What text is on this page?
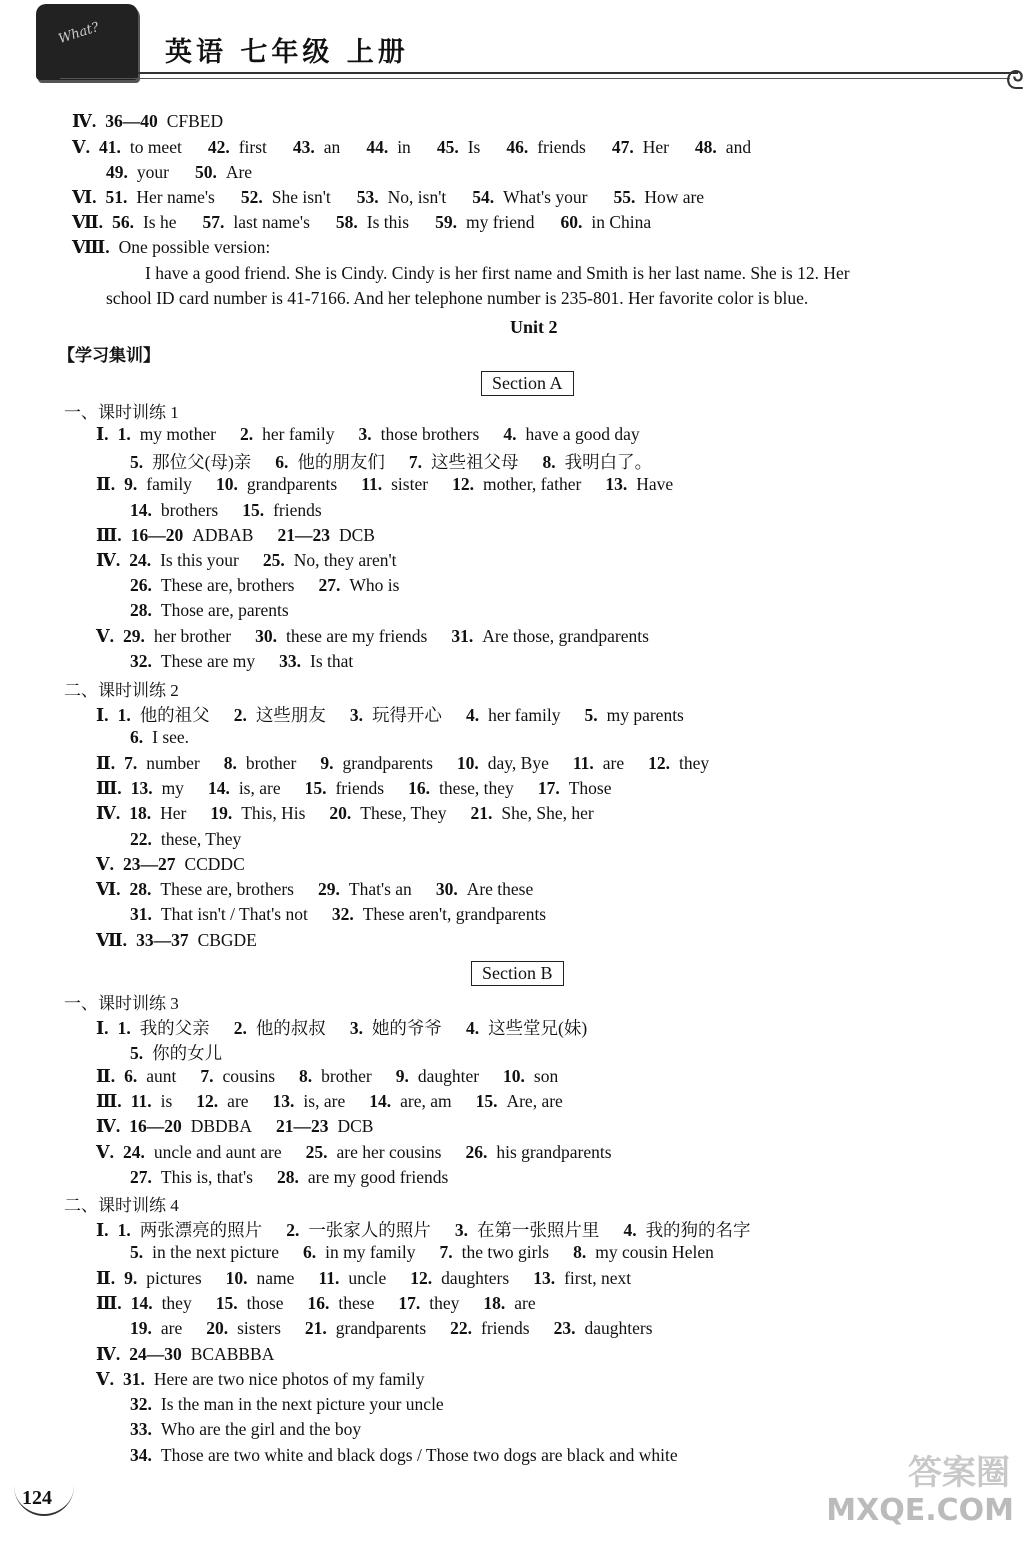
What?
英语 七年级 上册
ᘓ
Ⅳ. 36—40 CFBED
Ⅴ. 41. to meet 42. first 43. an 44. in 45. Is 46. friends 47. Her 48. and
49. your 50. Are
Ⅵ. 51. Her name's 52. She isn't 53. No, isn't 54. What's your 55. How are
Ⅶ. 56. Is he 57. last name's 58. Is this 59. my friend 60. in China
Ⅷ. One possible version:
I have a good friend. She is Cindy. Cindy is her first name and Smith is her last name. She is 12. Her
school ID card number is 41-7166. And her telephone number is 235-801. Her favorite color is blue.
一、课时训练 1
Ⅰ. 1. my mother 2. her family 3. those brothers 4. have a good day
5. 那位父(母)亲 6. 他的朋友们 7. 这些祖父母 8. 我明白了。
Ⅱ. 9. family 10. grandparents 11. sister 12. mother, father 13. Have
14. brothers 15. friends
Ⅲ. 16—20 ADBAB 21—23 DCB
Ⅳ. 24. Is this your 25. No, they aren't
26. These are, brothers 27. Who is
28. Those are, parents
Ⅴ. 29. her brother 30. these are my friends 31. Are those, grandparents
32. These are my 33. Is that
二、课时训练 2
Ⅰ. 1. 他的祖父 2. 这些朋友 3. 玩得开心 4. her family 5. my parents
6. I see.
Ⅱ. 7. number 8. brother 9. grandparents 10. day, Bye 11. are 12. they
Ⅲ. 13. my 14. is, are 15. friends 16. these, they 17. Those
Ⅳ. 18. Her 19. This, His 20. These, They 21. She, She, her
22. these, They
Ⅴ. 23—27 CCDDC
Ⅵ. 28. These are, brothers 29. That's an 30. Are these
31. That isn't / That's not 32. These aren't, grandparents
Ⅶ. 33—37 CBGDE
一、课时训练 3
Ⅰ. 1. 我的父亲 2. 他的叔叔 3. 她的爷爷 4. 这些堂兄(妹)
5. 你的女儿
Ⅱ. 6. aunt 7. cousins 8. brother 9. daughter 10. son
Ⅲ. 11. is 12. are 13. is, are 14. are, am 15. Are, are
Ⅳ. 16—20 DBDBA 21—23 DCB
Ⅴ. 24. uncle and aunt are 25. are her cousins 26. his grandparents
27. This is, that's 28. are my good friends
二、课时训练 4
Ⅰ. 1. 两张漂亮的照片 2. 一张家人的照片 3. 在第一张照片里 4. 我的狗的名字
5. in the next picture 6. in my family 7. the two girls 8. my cousin Helen
Ⅱ. 9. pictures 10. name 11. uncle 12. daughters 13. first, next
Ⅲ. 14. they 15. those 16. these 17. they 18. are
19. are 20. sisters 21. grandparents 22. friends 23. daughters
Ⅳ. 24—30 BCABBBA
Ⅴ. 31. Here are two nice photos of my family
32. Is the man in the next picture your uncle
33. Who are the girl and the boy
34. Those are two white and black dogs / Those two dogs are black and white
Unit 2
【学习集训】
Section A
Section B
124
答案圈
MXQE.COM
